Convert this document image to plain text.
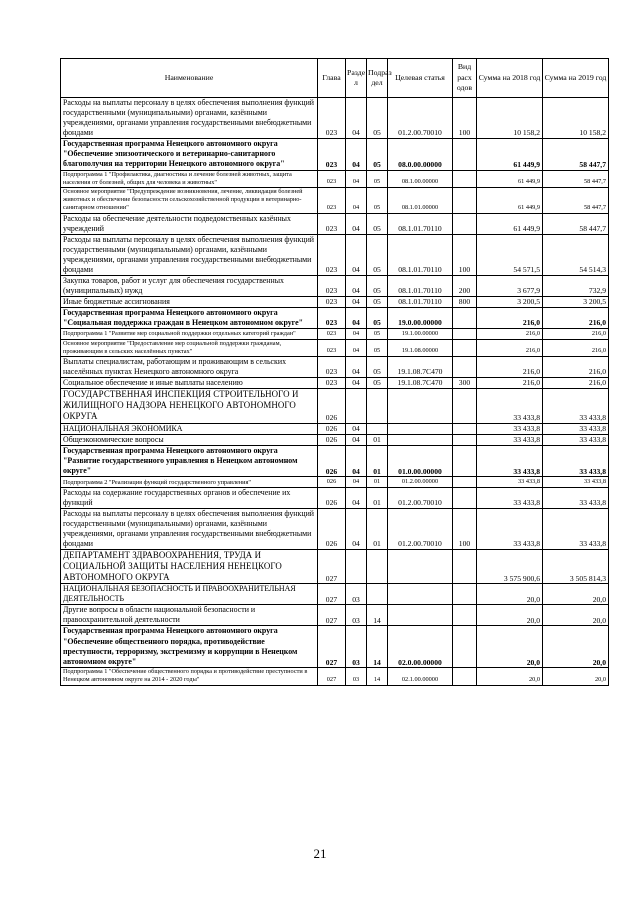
Наименование	Глава	Разде л	Подраз дел	Целевая статья	Вид расх одов	Сумма на 2018 год	Сумма на 2019 год
Расходы на выплаты персоналу в целях обеспечения выполнения функций государственными (муниципальными) органами, казёнными учреждениями, органами управления государственными внебюджетными фондами	023	04	05	01.2.00.70010	100	10 158,2	10 158,2
Государственная программа Ненецкого автономного округа "Обеспечение эпизоотического и ветеринарно-санитарного благополучия на территории Ненецкого автономного округа"	023	04	05	08.0.00.00000		61 449,9	58 447,7
Подпрограмма 1 "Профилактика, диагностика и лечение болезней животных, защита населения от болезней, общих для человека и животных"	023	04	05	08.1.00.00000		61 449,9	58 447,7
Основное мероприятие "Предупреждение возникновения, лечение, ликвидация болезней животных и обеспечение безопасности сельскохозяйственной продукции в ветеринарно-санитарном отношении"	023	04	05	08.1.01.00000		61 449,9	58 447,7
Расходы на обеспечение деятельности подведомственных казённых учреждений	023	04	05	08.1.01.70110		61 449,9	58 447,7
Расходы на выплаты персоналу в целях обеспечения выполнения функций государственными (муниципальными) органами, казёнными учреждениями, органами управления государственными внебюджетными фондами	023	04	05	08.1.01.70110	100	54 571,5	54 514,3
Закупка товаров, работ и услуг для обеспечения государственных (муниципальных) нужд	023	04	05	08.1.01.70110	200	3 677,9	732,9
Иные бюджетные ассигнования	023	04	05	08.1.01.70110	800	3 200,5	3 200,5
Государственная программа Ненецкого автономного округа "Социальная поддержка граждан в Ненецком автономном округе"	023	04	05	19.0.00.00000		216,0	216,0
Подпрограмма 1 "Развитие мер социальной поддержки отдельных категорий граждан"	023	04	05	19.1.00.00000		216,0	216,0
Основное мероприятие "Предоставление мер социальной поддержки гражданам, проживающим в сельских населённых пунктах"	023	04	05	19.1.08.00000		216,0	216,0
Выплаты специалистам, работающим и проживающим в сельских населённых пунктах Ненецкого автономного округа	023	04	05	19.1.08.7С470		216,0	216,0
Социальное обеспечение и иные выплаты населению	023	04	05	19.1.08.7С470	300	216,0	216,0
ГОСУДАРСТВЕННАЯ ИНСПЕКЦИЯ СТРОИТЕЛЬНОГО И ЖИЛИЩНОГО НАДЗОРА НЕНЕЦКОГО АВТОНОМНОГО ОКРУГА	026					33 433,8	33 433,8
НАЦИОНАЛЬНАЯ ЭКОНОМИКА	026	04				33 433,8	33 433,8
Общеэкономические вопросы	026	04	01			33 433,8	33 433,8
Государственная программа Ненецкого автономного округа "Развитие государственного управления в Ненецком автономном округе"	026	04	01	01.0.00.00000		33 433,8	33 433,8
Подпрограмма 2 "Реализация функций государственного управления"	026	04	01	01.2.00.00000		33 433,8	33 433,8
Расходы на содержание государственных органов и обеспечение их функций	026	04	01	01.2.00.70010		33 433,8	33 433,8
Расходы на выплаты персоналу в целях обеспечения выполнения функций государственными (муниципальными) органами, казёнными учреждениями, органами управления государственными внебюджетными фондами	026	04	01	01.2.00.70010	100	33 433,8	33 433,8
ДЕПАРТАМЕНТ ЗДРАВООХРАНЕНИЯ, ТРУДА И СОЦИАЛЬНОЙ ЗАЩИТЫ НАСЕЛЕНИЯ НЕНЕЦКОГО АВТОНОМНОГО ОКРУГА	027					3 575 900,6	3 505 814,3
НАЦИОНАЛЬНАЯ БЕЗОПАСНОСТЬ И ПРАВООХРАНИТЕЛЬНАЯ ДЕЯТЕЛЬНОСТЬ	027	03				20,0	20,0
Другие вопросы в области национальной безопасности и правоохранительной деятельности	027	03	14			20,0	20,0
Государственная программа Ненецкого автономного округа "Обеспечение общественного порядка, противодействие преступности, терроризму, экстремизму и коррупции в Ненецком автономном округе"	027	03	14	02.0.00.00000		20,0	20,0
Подпрограмма 1 "Обеспечение общественного порядка и противодействие преступности в Ненецком автономном округе на 2014 - 2020 годы"	027	03	14	02.1.00.00000		20,0	20,0
21
